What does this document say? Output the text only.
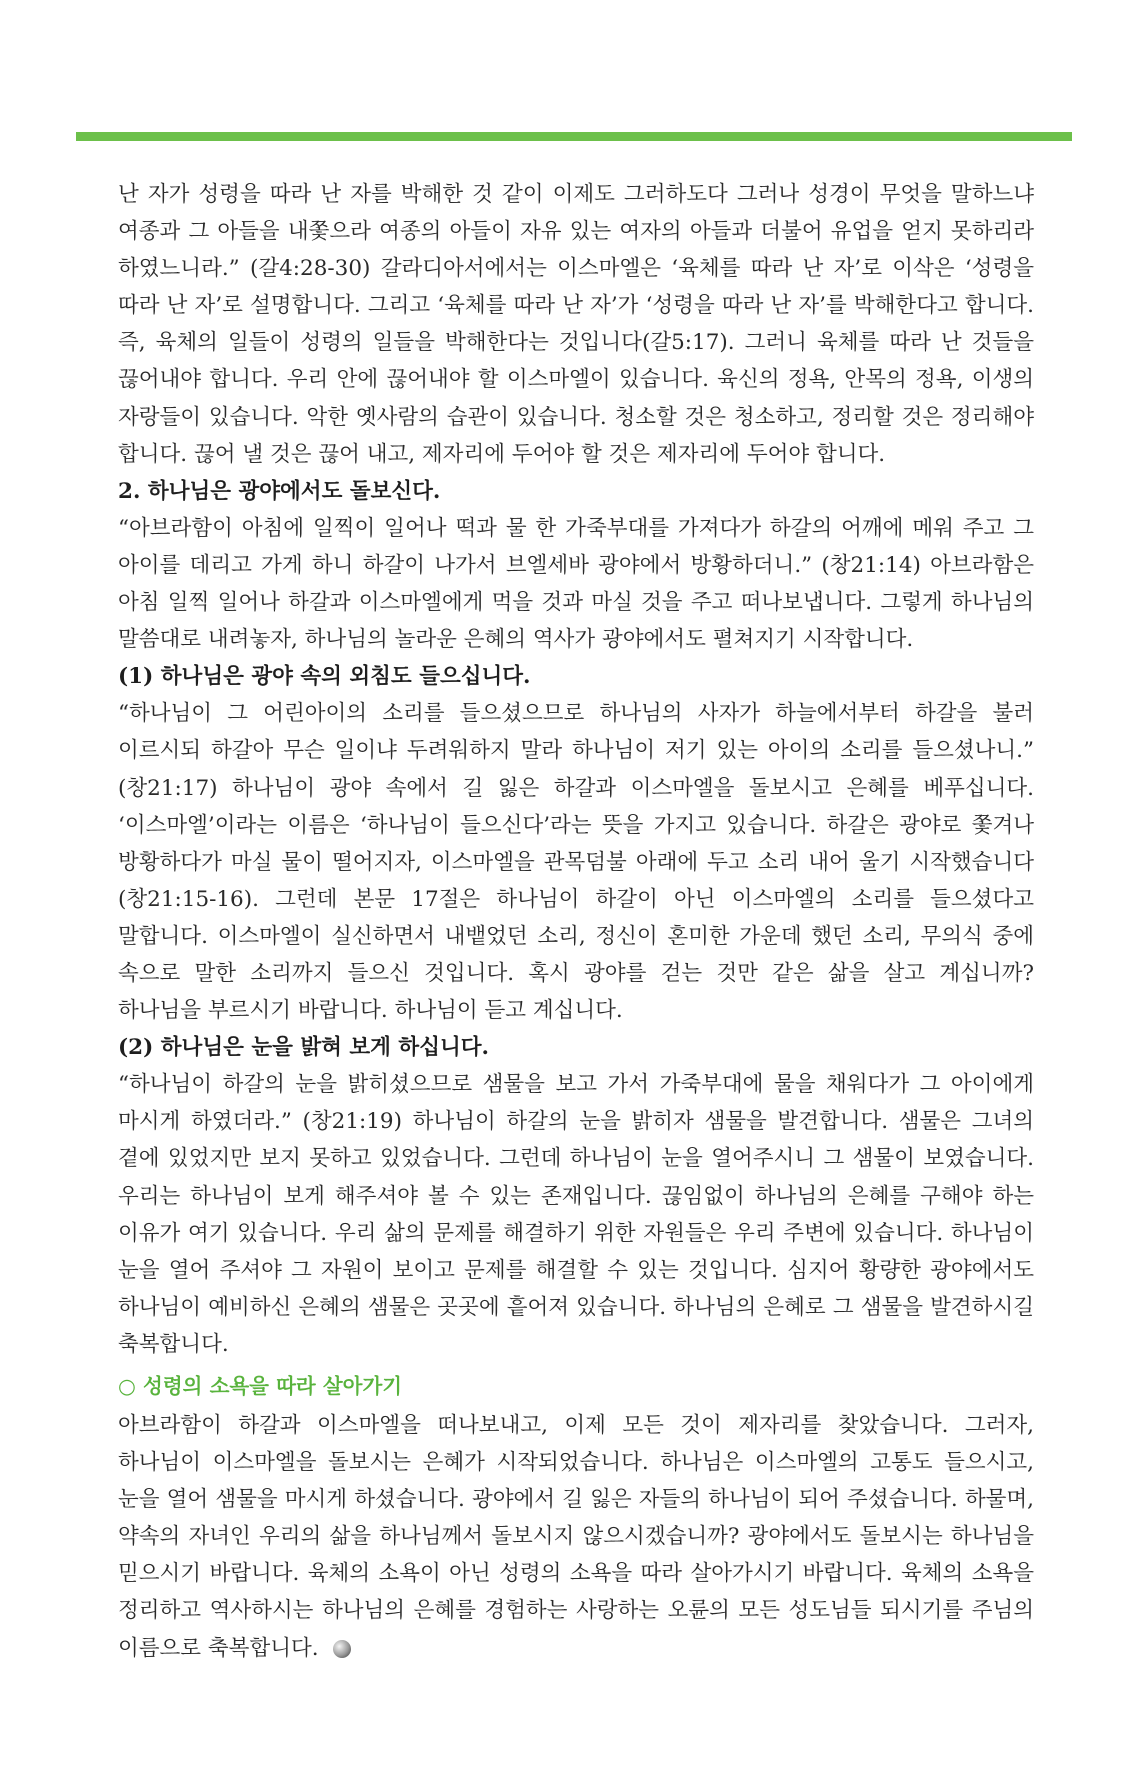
난 자가 성령을 따라 난 자를 박해한 것 같이 이제도 그러하도다 그러나 성경이 무엇을 말하느냐 여종과 그 아들을 내쫓으라 여종의 아들이 자유 있는 여자의 아들과 더불어 유업을 얻지 못하리라 하였느니라.” (갈4:28-30) 갈라디아서에서는 이스마엘은 ‘육체를 따라 난 자’로 이삭은 ‘성령을 따라 난 자’로 설명합니다. 그리고 ‘육체를 따라 난 자’가 ‘성령을 따라 난 자’를 박해한다고 합니다. 즉, 육체의 일들이 성령의 일들을 박해한다는 것입니다(갈5:17). 그러니 육체를 따라 난 것들을 끊어내야 합니다. 우리 안에 끊어내야 할 이스마엘이 있습니다. 육신의 정욕, 안목의 정욕, 이생의 자랑들이 있습니다. 악한 옛사람의 습관이 있습니다. 청소할 것은 청소하고, 정리할 것은 정리해야 합니다. 끊어 낼 것은 끊어 내고, 제자리에 두어야 할 것은 제자리에 두어야 합니다.

2. 하나님은 광야에서도 돌보신다.

“아브라함이 아침에 일찍이 일어나 떡과 물 한 가죽부대를 가져다가 하갈의 어깨에 메워 주고 그 아이를 데리고 가게 하니 하갈이 나가서 브엘세바 광야에서 방황하더니.” (창21:14) 아브라함은 아침 일찍 일어나 하갈과 이스마엘에게 먹을 것과 마실 것을 주고 떠나보냅니다. 그렇게 하나님의 말씀대로 내려놓자, 하나님의 놀라운 은혜의 역사가 광야에서도 펼쳐지기 시작합니다.

(1) 하나님은 광야 속의 외침도 들으십니다.

“하나님이 그 어린아이의 소리를 들으셨으므로 하나님의 사자가 하늘에서부터 하갈을 불러 이르시되 하갈아 무슨 일이냐 두려워하지 말라 하나님이 저기 있는 아이의 소리를 들으셨나니.” (창21:17) 하나님이 광야 속에서 길 잃은 하갈과 이스마엘을 돌보시고 은혜를 베푸십니다. ‘이스마엘’이라는 이름은 ‘하나님이 들으신다’라는 뜻을 가지고 있습니다. 하갈은 광야로 쫓겨나 방황하다가 마실 물이 떨어지자, 이스마엘을 관목덤불 아래에 두고 소리 내어 울기 시작했습니다(창21:15-16). 그런데 본문 17절은 하나님이 하갈이 아닌 이스마엘의 소리를 들으셨다고 말합니다. 이스마엘이 실신하면서 내뱉었던 소리, 정신이 혼미한 가운데 했던 소리, 무의식 중에 속으로 말한 소리까지 들으신 것입니다. 혹시 광야를 걷는 것만 같은 삶을 살고 계십니까? 하나님을 부르시기 바랍니다. 하나님이 듣고 계십니다.

(2) 하나님은 눈을 밝혀 보게 하십니다.

“하나님이 하갈의 눈을 밝히셨으므로 샘물을 보고 가서 가죽부대에 물을 채워다가 그 아이에게 마시게 하였더라.” (창21:19) 하나님이 하갈의 눈을 밝히자 샘물을 발견합니다. 샘물은 그녀의 곁에 있었지만 보지 못하고 있었습니다. 그런데 하나님이 눈을 열어주시니 그 샘물이 보였습니다. 우리는 하나님이 보게 해주셔야 볼 수 있는 존재입니다. 끊임없이 하나님의 은혜를 구해야 하는 이유가 여기 있습니다. 우리 삶의 문제를 해결하기 위한 자원들은 우리 주변에 있습니다. 하나님이 눈을 열어 주셔야 그 자원이 보이고 문제를 해결할 수 있는 것입니다. 심지어 황량한 광야에서도 하나님이 예비하신 은혜의 샘물은 곳곳에 흩어져 있습니다. 하나님의 은혜로 그 샘물을 발견하시길 축복합니다.

○ 성령의 소욕을 따라 살아가기

아브라함이 하갈과 이스마엘을 떠나보내고, 이제 모든 것이 제자리를 찾았습니다. 그러자, 하나님이 이스마엘을 돌보시는 은혜가 시작되었습니다. 하나님은 이스마엘의 고통도 들으시고, 눈을 열어 샘물을 마시게 하셨습니다. 광야에서 길 잃은 자들의 하나님이 되어 주셨습니다. 하물며, 약속의 자녀인 우리의 삶을 하나님께서 돌보시지 않으시겠습니까? 광야에서도 돌보시는 하나님을 믿으시기 바랍니다. 육체의 소욕이 아닌 성령의 소욕을 따라 살아가시기 바랍니다. 육체의 소욕을 정리하고 역사하시는 하나님의 은혜를 경험하는 사랑하는 오륜의 모든 성도님들 되시기를 주님의 이름으로 축복합니다.
